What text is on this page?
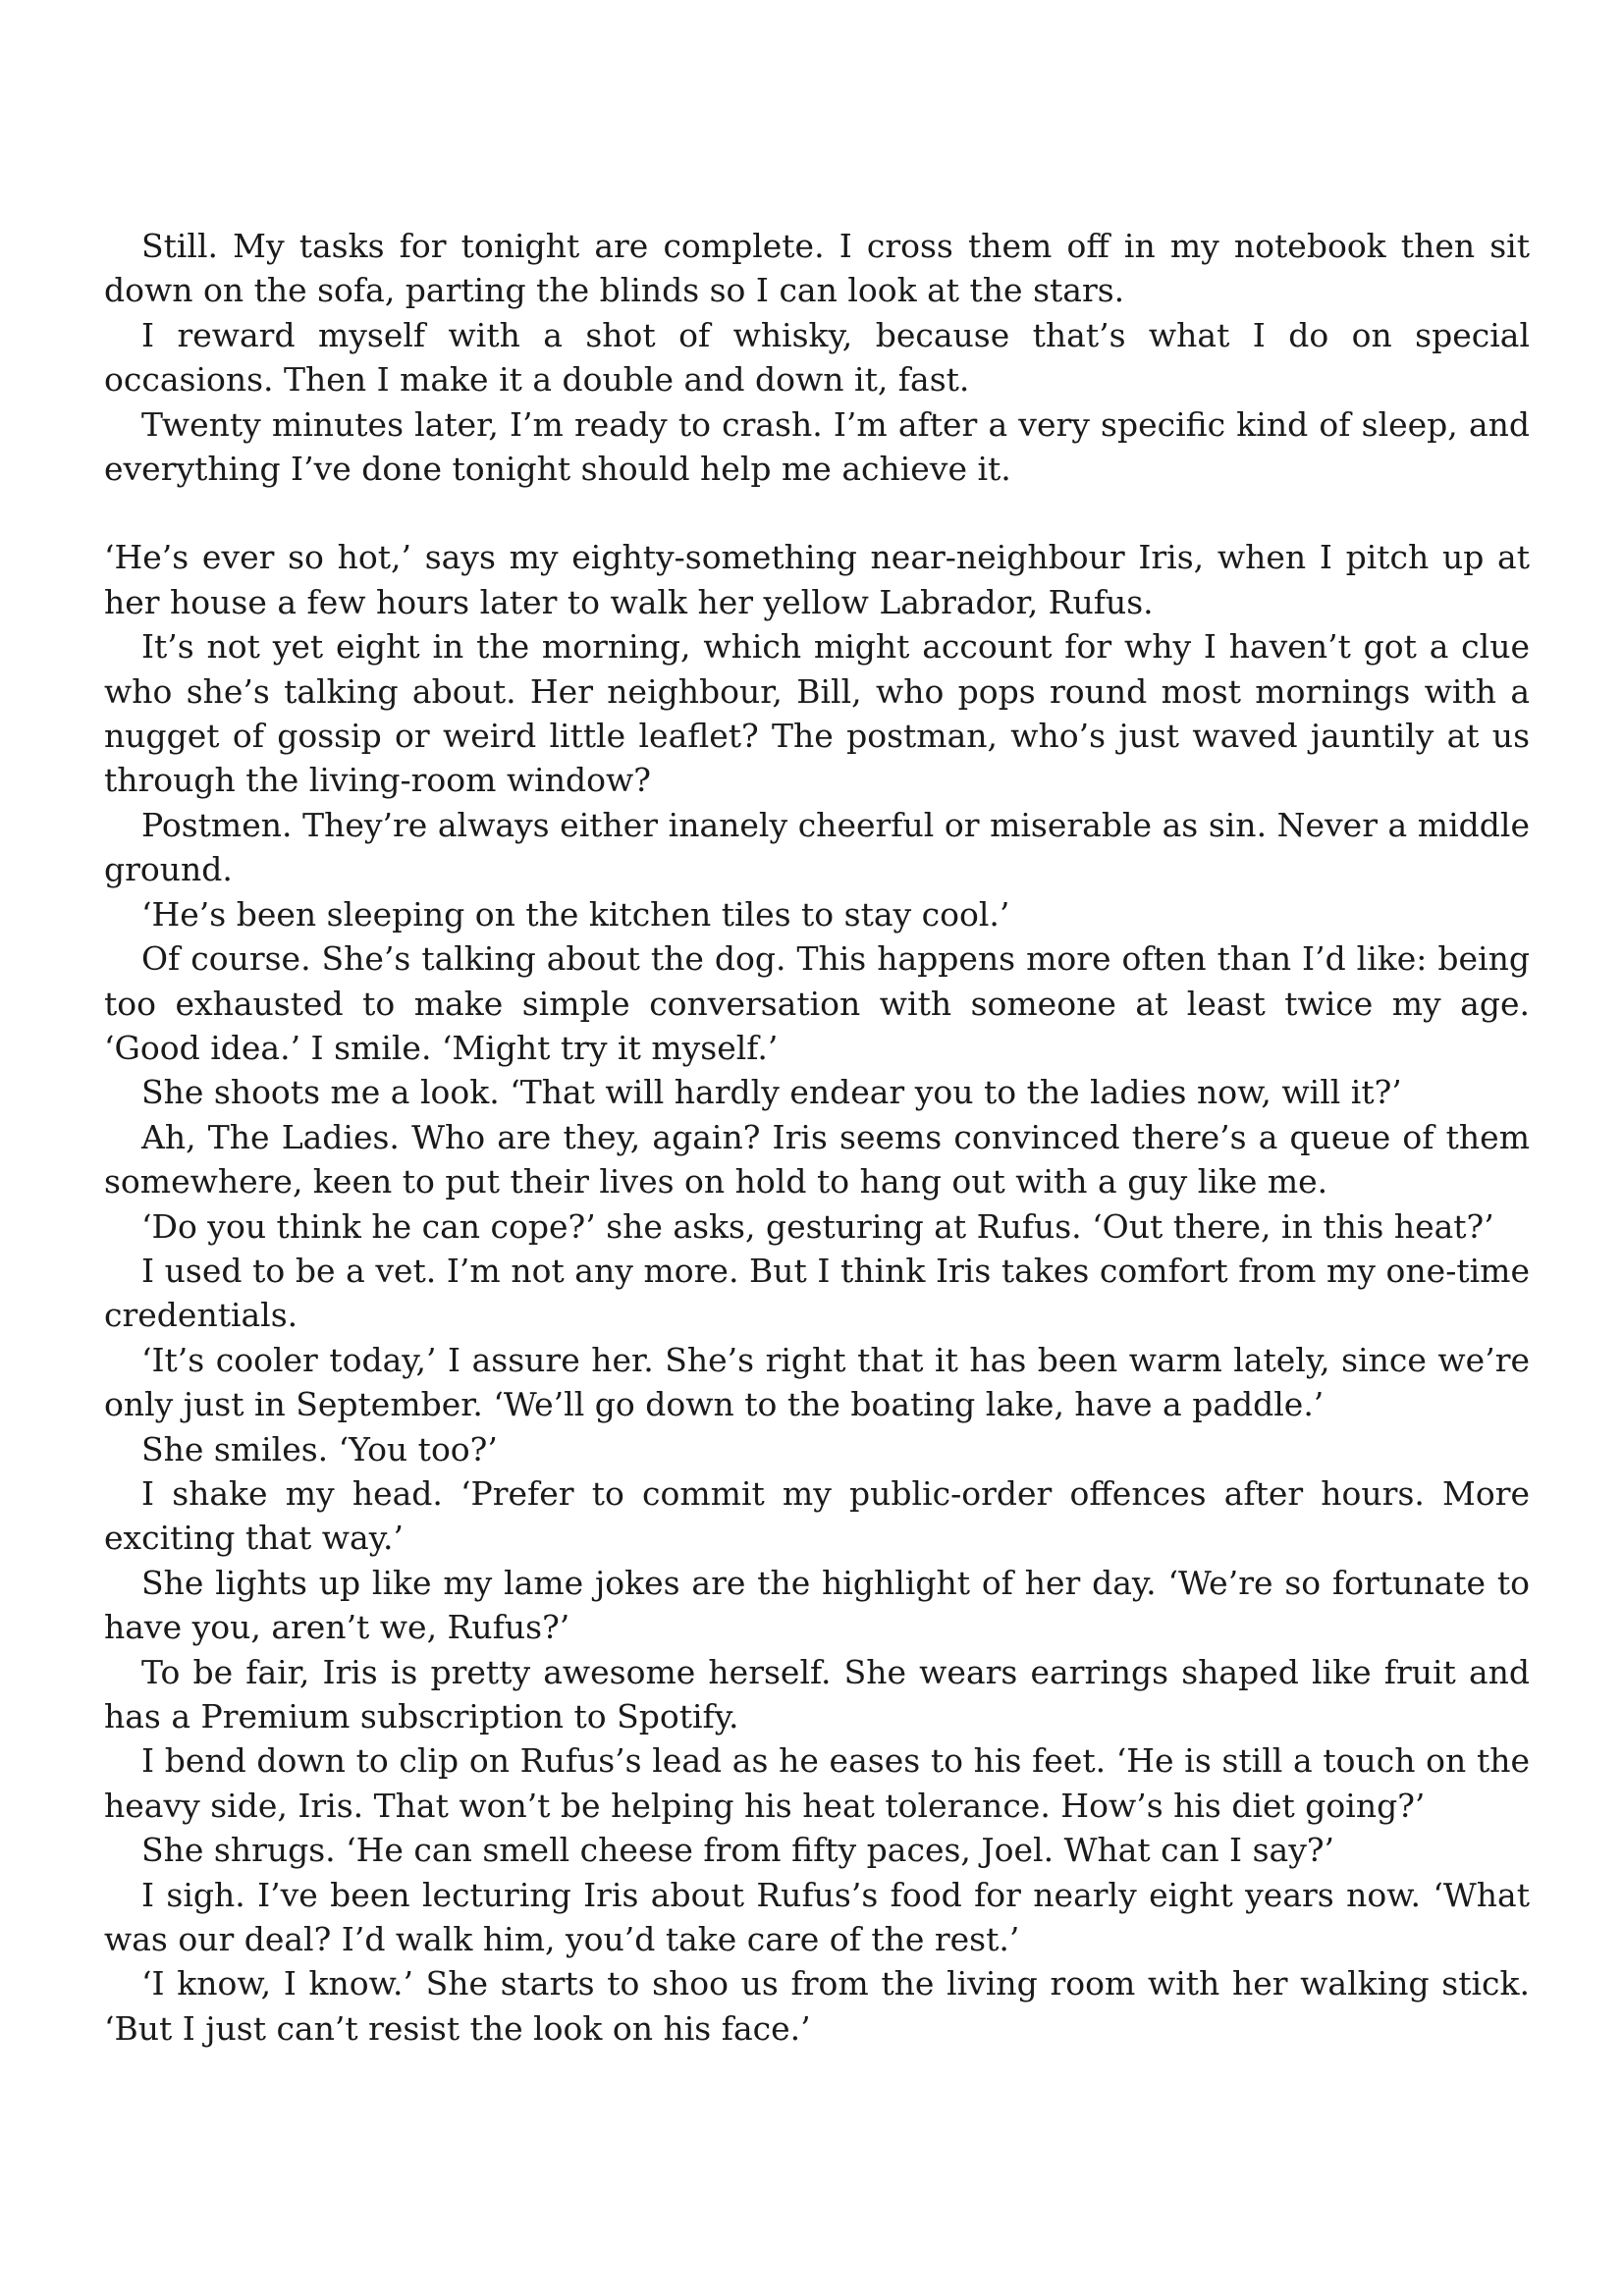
Still. My tasks for tonight are complete. I cross them off in my notebook then sit down on the sofa, parting the blinds so I can look at the stars.

I reward myself with a shot of whisky, because that’s what I do on special occasions. Then I make it a double and down it, fast.

Twenty minutes later, I’m ready to crash. I’m after a very specific kind of sleep, and everything I’ve done tonight should help me achieve it.

‘He’s ever so hot,’ says my eighty-something near-neighbour Iris, when I pitch up at her house a few hours later to walk her yellow Labrador, Rufus.

It’s not yet eight in the morning, which might account for why I haven’t got a clue who she’s talking about. Her neighbour, Bill, who pops round most mornings with a nugget of gossip or weird little leaflet? The postman, who’s just waved jauntily at us through the living-room window?

Postmen. They’re always either inanely cheerful or miserable as sin. Never a middle ground.

‘He’s been sleeping on the kitchen tiles to stay cool.’

Of course. She’s talking about the dog. This happens more often than I’d like: being too exhausted to make simple conversation with someone at least twice my age. ‘Good idea.’ I smile. ‘Might try it myself.’

She shoots me a look. ‘That will hardly endear you to the ladies now, will it?’

Ah, The Ladies. Who are they, again? Iris seems convinced there’s a queue of them somewhere, keen to put their lives on hold to hang out with a guy like me.

‘Do you think he can cope?’ she asks, gesturing at Rufus. ‘Out there, in this heat?’

I used to be a vet. I’m not any more. But I think Iris takes comfort from my one-time credentials.

‘It’s cooler today,’ I assure her. She’s right that it has been warm lately, since we’re only just in September. ‘We’ll go down to the boating lake, have a paddle.’

She smiles. ‘You too?’

I shake my head. ‘Prefer to commit my public-order offences after hours. More exciting that way.’

She lights up like my lame jokes are the highlight of her day. ‘We’re so fortunate to have you, aren’t we, Rufus?’

To be fair, Iris is pretty awesome herself. She wears earrings shaped like fruit and has a Premium subscription to Spotify.

I bend down to clip on Rufus’s lead as he eases to his feet. ‘He is still a touch on the heavy side, Iris. That won’t be helping his heat tolerance. How’s his diet going?’

She shrugs. ‘He can smell cheese from fifty paces, Joel. What can I say?’

I sigh. I’ve been lecturing Iris about Rufus’s food for nearly eight years now. ‘What was our deal? I’d walk him, you’d take care of the rest.’

‘I know, I know.’ She starts to shoo us from the living room with her walking stick. ‘But I just can’t resist the look on his face.’
